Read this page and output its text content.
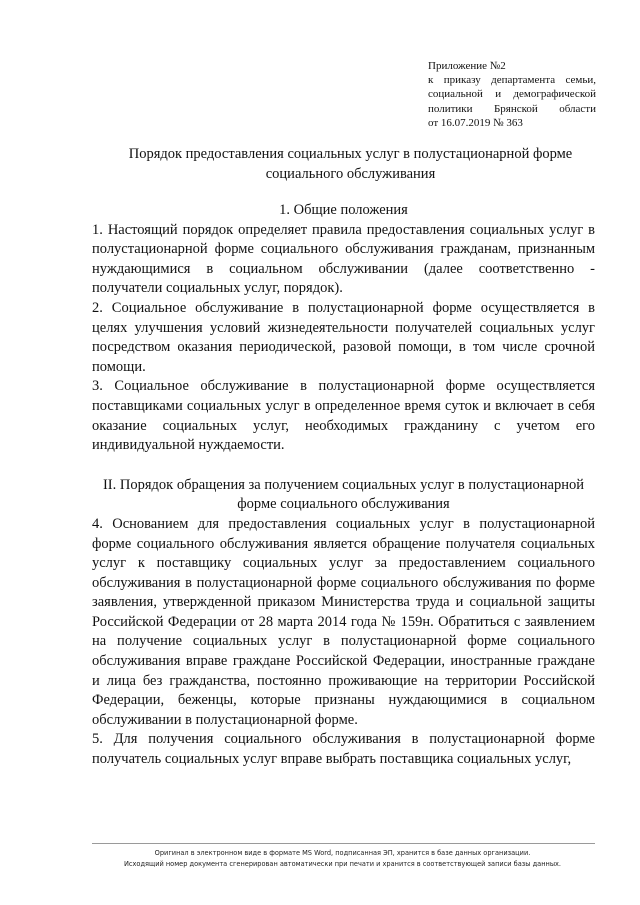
Приложение №2
к приказу департамента семьи,
социальной и демографической
политики Брянской области
от 16.07.2019 № 363
Порядок предоставления социальных услуг в полустационарной форме социального обслуживания

1. Общие положения

1. Настоящий порядок определяет правила предоставления социальных услуг в полустационарной форме социального обслуживания гражданам, признанным нуждающимися в социальном обслуживании (далее соответственно - получатели социальных услуг, порядок).

2. Социальное обслуживание в полустационарной форме осуществляется в целях улучшения условий жизнедеятельности получателей социальных услуг посредством оказания периодической, разовой помощи, в том числе срочной помощи.

3. Социальное обслуживание в полустационарной форме осуществляется поставщиками социальных услуг в определенное время суток и включает в себя оказание социальных услуг, необходимых гражданину с учетом его индивидуальной нуждаемости.

II. Порядок обращения за получением социальных услуг в полустационарной форме социального обслуживания

4. Основанием для предоставления социальных услуг в полустационарной форме социального обслуживания является обращение получателя социальных услуг к поставщику социальных услуг за предоставлением социального обслуживания в полустационарной форме социального обслуживания по форме заявления, утвержденной приказом Министерства труда и социальной защиты Российской Федерации от 28 марта 2014 года № 159н. Обратиться с заявлением на получение социальных услуг в полустационарной форме социального обслуживания вправе граждане Российской Федерации, иностранные граждане и лица без гражданства, постоянно проживающие на территории Российской Федерации, беженцы, которые признаны нуждающимися в социальном обслуживании в полустационарной форме.

5. Для получения социального обслуживания в полустационарной форме получатель социальных услуг вправе выбрать поставщика социальных услуг,

Оригинал в электронном виде в формате MS Word, подписанная ЭП, хранится в базе данных организации.
Исходящий номер документа сгенерирован автоматически при печати и хранится в соответствующей записи базы данных.
